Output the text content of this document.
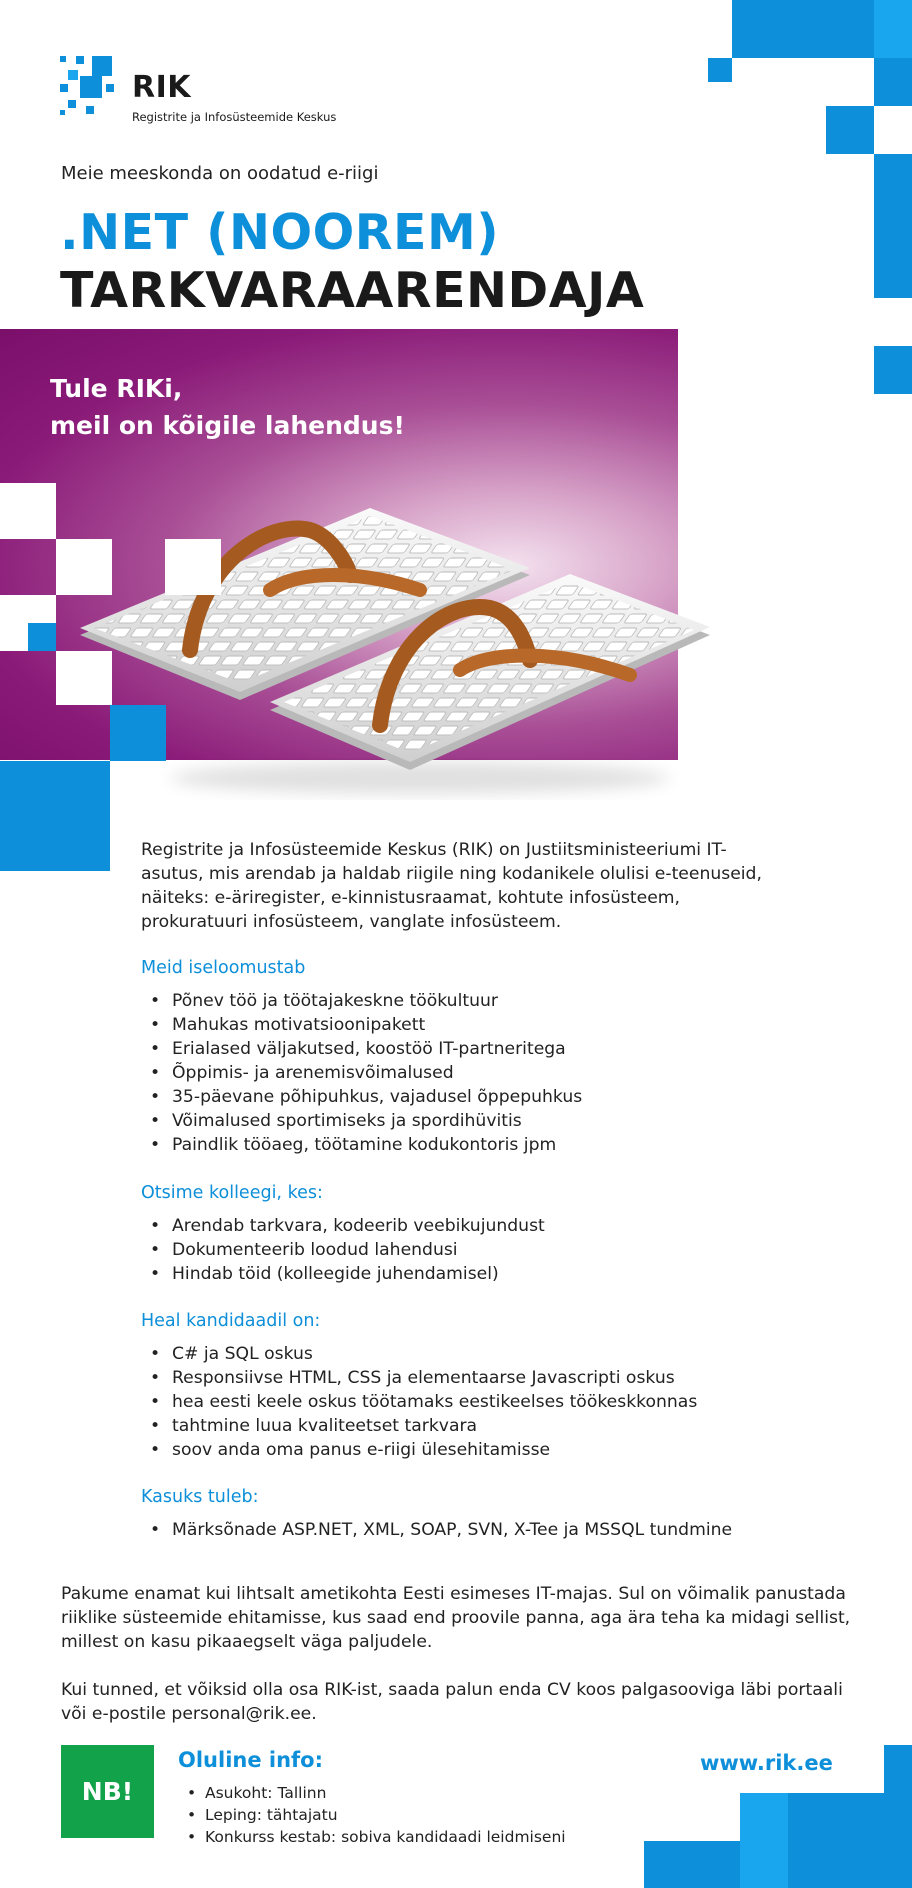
RIK
Registrite ja Infosüsteemide Keskus
Meie meeskonda on oodatud e-riigi
.NET (NOOREM)
TARKVARAARENDAJA
Tule RIKi,
meil on kõigile lahendus!
Registrite ja Infosüsteemide Keskus (RIK) on Justiitsministeeriumi IT-asutus, mis arendab ja haldab riigile ning kodanikele olulisi e-teenuseid, näiteks: e-äriregister, e-kinnistusraamat, kohtute infosüsteem, prokuratuuri infosüsteem, vanglate infosüsteem.
Meid iseloomustab
• Põnev töö ja töötajakeskne töökultuur
• Mahukas motivatsioonipakett
• Erialased väljakutsed, koostöö IT-partneritega
• Õppimis- ja arenemisvõimalused
• 35-päevane põhipuhkus, vajadusel õppepuhkus
• Võimalused sportimiseks ja spordihüvitis
• Paindlik tööaeg, töötamine kodukontoris jpm
Otsime kolleegi, kes:
• Arendab tarkvara, kodeerib veebikujundust
• Dokumenteerib loodud lahendusi
• Hindab töid (kolleegide juhendamisel)
Heal kandidaadil on:
• C# ja SQL oskus
• Responsiivse HTML, CSS ja elementaarse Javascripti oskus
• hea eesti keele oskus töötamaks eestikeelses töökeskkonnas
• tahtmine luua kvaliteetset tarkvara
• soov anda oma panus e-riigi ülesehitamisse
Kasuks tuleb:
• Märksõnade ASP.NET, XML, SOAP, SVN, X-Tee ja MSSQL tundmine
Pakume enamat kui lihtsalt ametikohta Eesti esimeses IT-majas. Sul on võimalik panustada riiklike süsteemide ehitamisse, kus saad end proovile panna, aga ära teha ka midagi sellist, millest on kasu pikaaegselt väga paljudele.
Kui tunned, et võiksid olla osa RIK-ist, saada palun enda CV koos palgasooviga läbi portaali või e-postile personal@rik.ee.
NB!
Oluline info:
• Asukoht: Tallinn
• Leping: tähtajatu
• Konkurss kestab: sobiva kandidaadi leidmiseni
www.rik.ee
